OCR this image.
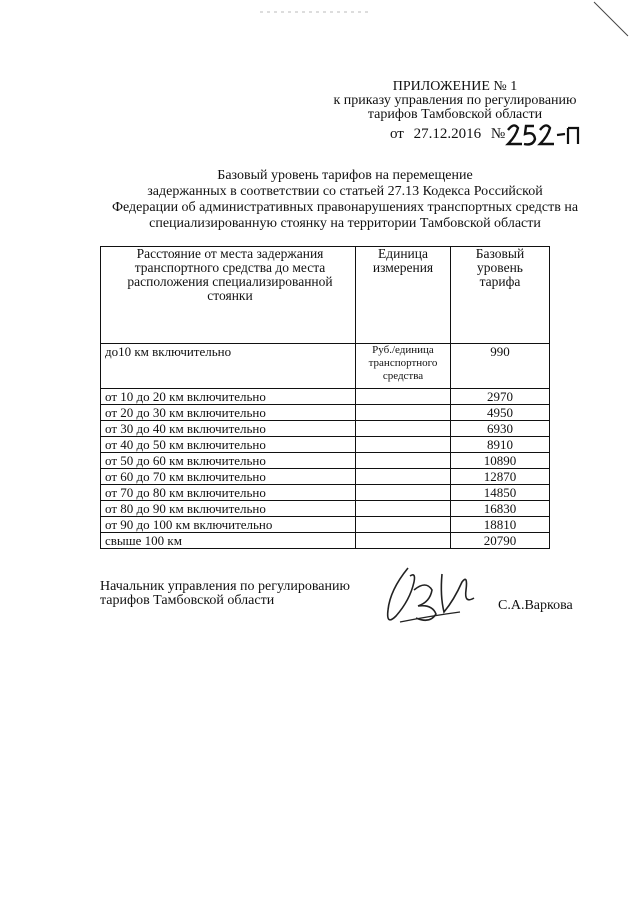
ПРИЛОЖЕНИЕ № 1
к приказу управления по регулированию
тарифов Тамбовской области
от 27.12.2016 №
Базовый уровень тарифов на перемещение
задержанных в соответствии со статьей 27.13 Кодекса Российской
Федерации об административных правонарушениях транспортных средств на
специализированную стоянку на территории Тамбовской области
Расстояние от места задержания транспортного средства до места расположения специализированной стоянки	Единица измерения	Базовый уровень тарифа
до10 км включительно	Руб./единица транспортного средства	990
от 10 до 20 км включительно		2970
от 20 до 30 км включительно		4950
от 30 до 40 км включительно		6930
от 40 до 50 км включительно		8910
от 50 до 60 км включительно		10890
от 60 до 70 км включительно		12870
от 70 до 80 км включительно		14850
от 80 до 90 км включительно		16830
от 90 до 100 км включительно		18810
свыше 100 км		20790
Начальник управления по регулированию
тарифов Тамбовской области	С.А.Варкова
